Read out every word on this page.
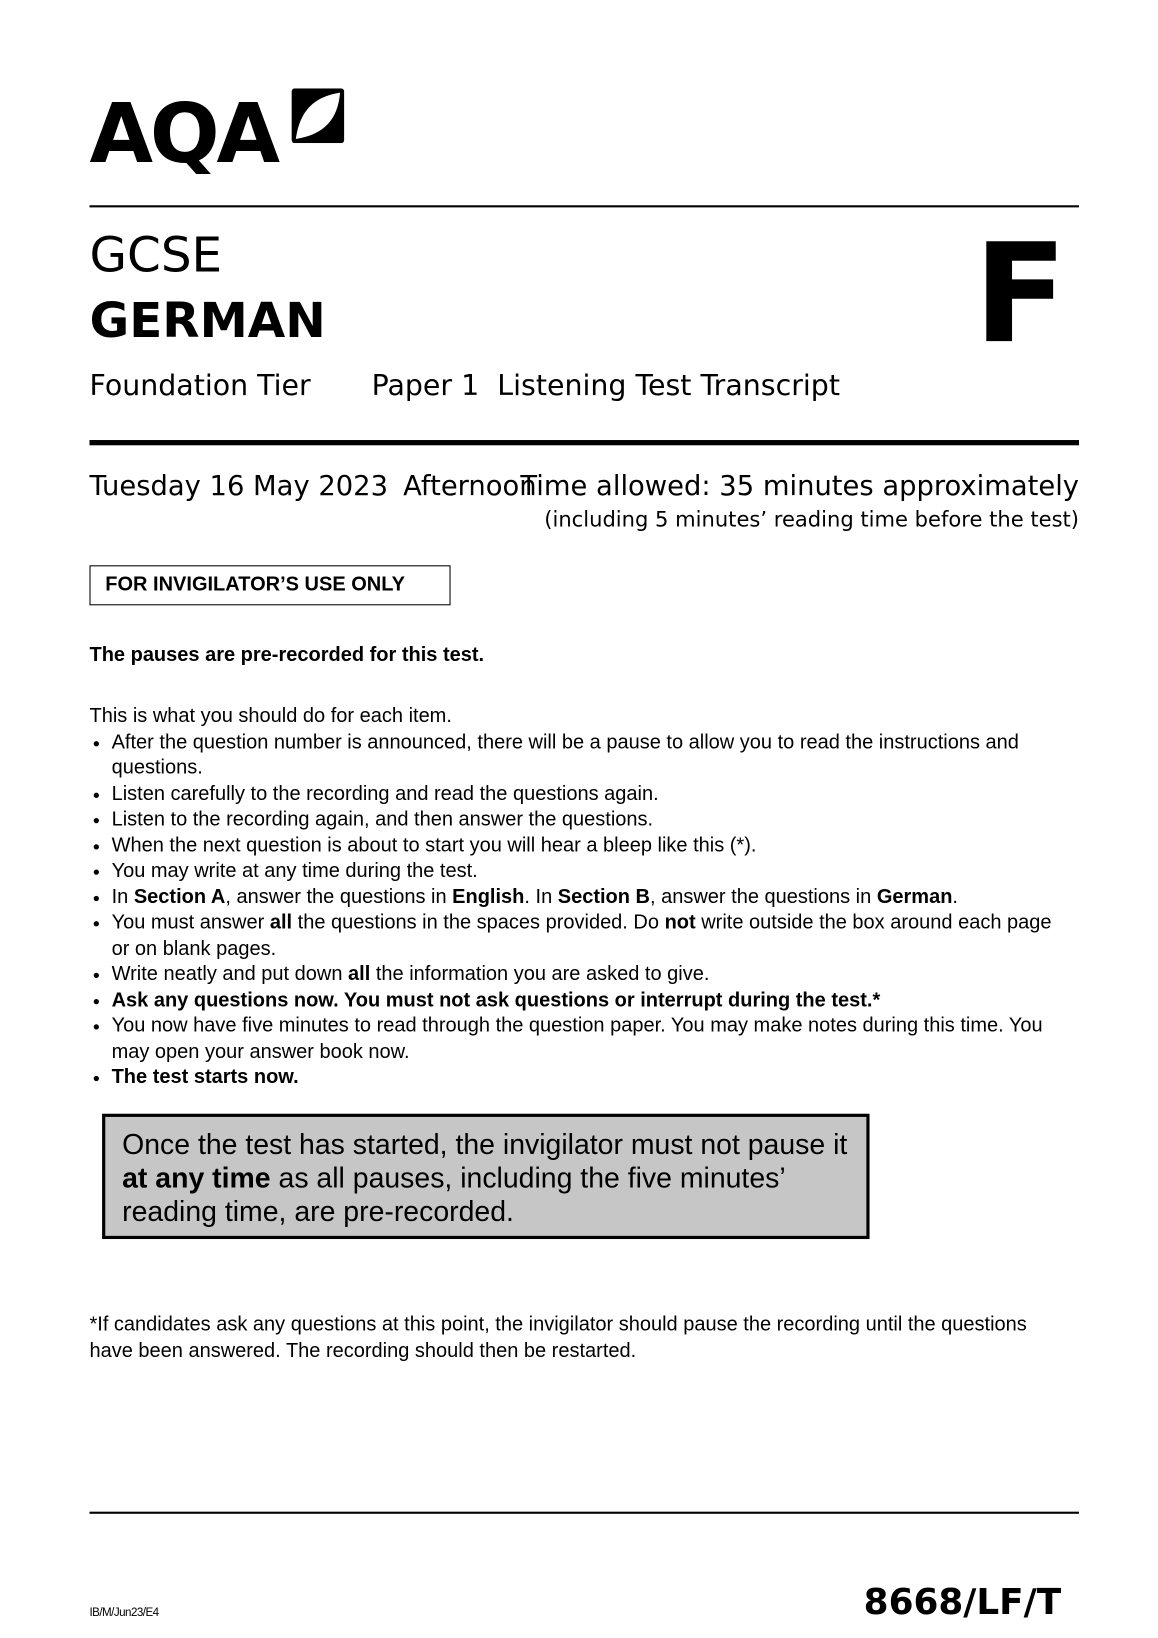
AQA
GCSE
GERMAN	F
Foundation Tier Paper 1 Listening Test Transcript
Tuesday 16 May 2023 Afternoon
Time allowed: 35 minutes approximately
(including 5 minutes’ reading time before the test)
FOR INVIGILATOR’S USE ONLY
The pauses are pre-recorded for this test.
This is what you should do for each item.
• After the question number is announced, there will be a pause to allow you to read the instructions and questions.
• Listen carefully to the recording and read the questions again.
• Listen to the recording again, and then answer the questions.
• When the next question is about to start you will hear a bleep like this (*).
• You may write at any time during the test.
• In Section A, answer the questions in English. In Section B, answer the questions in German.
• You must answer all the questions in the spaces provided. Do not write outside the box around each page or on blank pages.
• Write neatly and put down all the information you are asked to give.
• Ask any questions now. You must not ask questions or interrupt during the test.*
• You now have five minutes to read through the question paper. You may make notes during this time. You may open your answer book now.
• The test starts now.
Once the test has started, the invigilator must not pause it at any time as all pauses, including the five minutes’ reading time, are pre-recorded.
*If candidates ask any questions at this point, the invigilator should pause the recording until the questions have been answered. The recording should then be restarted.
IB/M/Jun23/E4	8668/LF/T
